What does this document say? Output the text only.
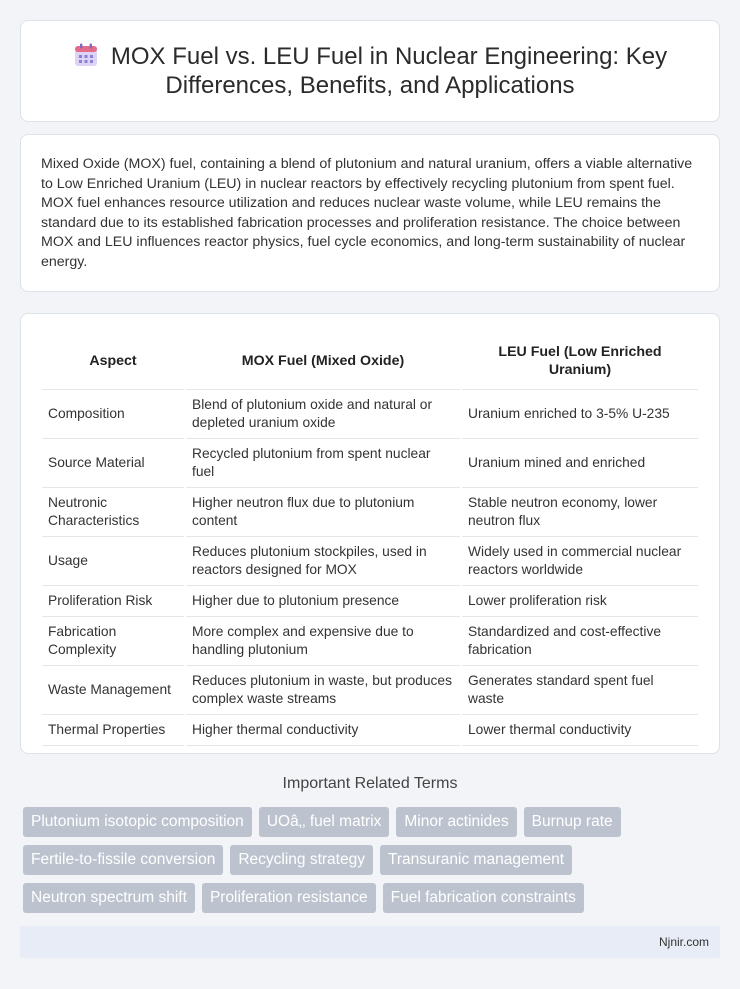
MOX Fuel vs. LEU Fuel in Nuclear Engineering: Key Differences, Benefits, and Applications

Mixed Oxide (MOX) fuel, containing a blend of plutonium and natural uranium, offers a viable alternative to Low Enriched Uranium (LEU) in nuclear reactors by effectively recycling plutonium from spent fuel. MOX fuel enhances resource utilization and reduces nuclear waste volume, while LEU remains the standard due to its established fabrication processes and proliferation resistance. The choice between MOX and LEU influences reactor physics, fuel cycle economics, and long-term sustainability of nuclear energy.

Aspect	MOX Fuel (Mixed Oxide)	LEU Fuel (Low Enriched Uranium)
Composition	Blend of plutonium oxide and natural or depleted uranium oxide	Uranium enriched to 3-5% U-235
Source Material	Recycled plutonium from spent nuclear fuel	Uranium mined and enriched
Neutronic Characteristics	Higher neutron flux due to plutonium content	Stable neutron economy, lower neutron flux
Usage	Reduces plutonium stockpiles, used in reactors designed for MOX	Widely used in commercial nuclear reactors worldwide
Proliferation Risk	Higher due to plutonium presence	Lower proliferation risk
Fabrication Complexity	More complex and expensive due to handling plutonium	Standardized and cost-effective fabrication
Waste Management	Reduces plutonium in waste, but produces complex waste streams	Generates standard spent fuel waste
Thermal Properties	Higher thermal conductivity	Lower thermal conductivity
Important Related Terms
Plutonium isotopic composition	UOâ‚‚ fuel matrix	Minor actinides	Burnup rate
Fertile-to-fissile conversion	Recycling strategy	Transuranic management
Neutron spectrum shift	Proliferation resistance	Fuel fabrication constraints
Njnir.com
